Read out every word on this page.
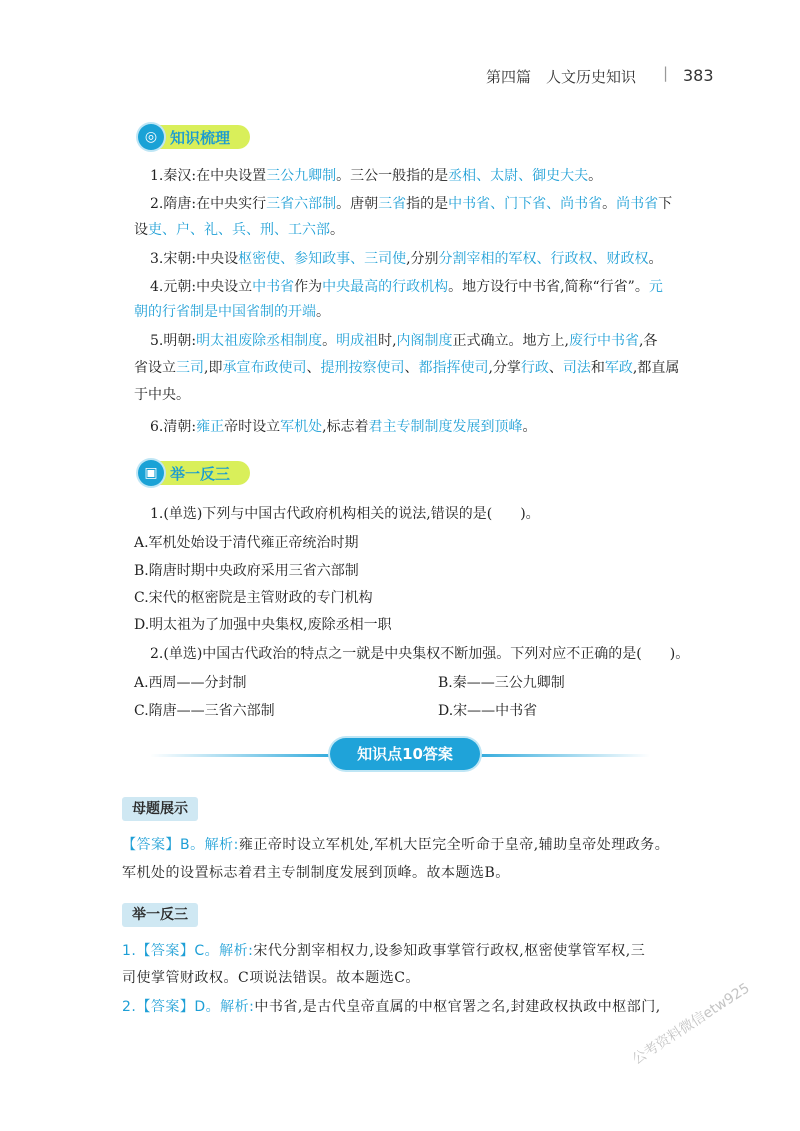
第四篇　人文历史知识 | 383
◎ 知识梳理
1.秦汉:在中央设置三公九卿制。三公一般指的是丞相、太尉、御史大夫。
2.隋唐:在中央实行三省六部制。唐朝三省指的是中书省、门下省、尚书省。尚书省下
设吏、户、礼、兵、刑、工六部。
3.宋朝:中央设枢密使、参知政事、三司使,分别分割宰相的军权、行政权、财政权。
4.元朝:中央设立中书省作为中央最高的行政机构。地方设行中书省,简称“行省”。元
朝的行省制是中国省制的开端。
5.明朝:明太祖废除丞相制度。明成祖时,内阁制度正式确立。地方上,废行中书省,各
省设立三司,即承宣布政使司、提刑按察使司、都指挥使司,分掌行政、司法和军政,都直属
于中央。
6.清朝:雍正帝时设立军机处,标志着君主专制制度发展到顶峰。
▣ 举一反三
1.(单选)下列与中国古代政府机构相关的说法,错误的是(　　)。
A.军机处始设于清代雍正帝统治时期
B.隋唐时期中央政府采用三省六部制
C.宋代的枢密院是主管财政的专门机构
D.明太祖为了加强中央集权,废除丞相一职
2.(单选)中国古代政治的特点之一就是中央集权不断加强。下列对应不正确的是(　　)。
A.西周——分封制	B.秦——三公九卿制
C.隋唐——三省六部制	D.宋——中书省
知识点10答案
母题展示
【答案】B。解析:雍正帝时设立军机处,军机大臣完全听命于皇帝,辅助皇帝处理政务。
军机处的设置标志着君主专制制度发展到顶峰。故本题选B。
举一反三
1.【答案】C。解析:宋代分割宰相权力,设参知政事掌管行政权,枢密使掌管军权,三
司使掌管财政权。C项说法错误。故本题选C。
2.【答案】D。解析:中书省,是古代皇帝直属的中枢官署之名,封建政权执政中枢部门,
公考资料微信etw925
